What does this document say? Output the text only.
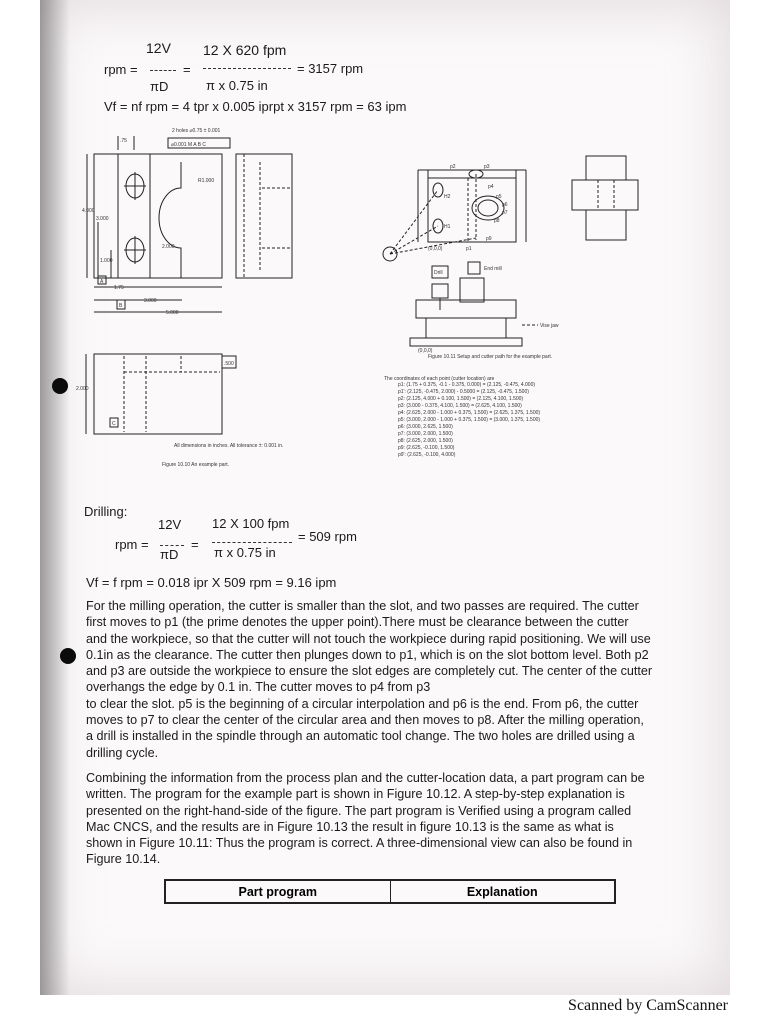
12V 12 X 620 fpm
rpm =	=	= 3157 rpm
πD	π x 0.75 in
Vf = nf rpm = 4 tpr x 0.005 iprpt x 3157 rpm = 63 ipm
.75
2 holes ⌀0.75 ± 0.001
⌀0.001 M A B C
R1.000
2.000
4.000
3.000
1.000
1.75
3.000
5.000
A
B
C
.500
2.000
All dimensions in inches. All tolerance ±: 0.001 in.
Figure 10.10 An example part.
p2	p3
p4
p5
p6
p7
p8
p9
H1
H2
p1
(0,0,0)
(0,0,0)
Drill
End mill
Vise jaw
Figure 10.11 Setup and cutter path for the example part.
The coordinates of each point (cutter location) are
p1: (1.75 + 0.375, -0.1 - 0.375, 0.000) = (2.125, -0.475, 4.000)
p1': (2.125, -0.475, 2.000) - 0.5000 = (2.125, -0.475, 1.500)
p2: (2.125, 4.000 + 0.100, 1.500) = (2.125, 4.100, 1.500)
p3: (3.000 - 0.375, 4.100, 1.500) = (2.625, 4.100, 1.500)
p4: (2.625, 2.000 - 1.000 + 0.375, 1.500) = (2.625, 1.375, 1.500)
p5: (3.000, 2.000 - 1.000 + 0.375, 1.500) = (3.000, 1.375, 1.500)
p6: (3.000, 2.625, 1.500)
p7: (3.000, 2.000, 1.500)
p8: (2.625, 2.000, 1.500)
p9: (2.625, -0.100, 1.500)
p9': (2.625, -0.100, 4.000)
Drilling:
12V 12 X 100 fpm
rpm =	=
= 509 rpm
πD	π x 0.75 in
Vf = f rpm = 0.018 ipr X 509 rpm = 9.16 ipm
For the milling operation, the cutter is smaller than the slot, and two passes are required. The cutter
first moves to p1 (the prime denotes the upper point).There must be clearance between the cutter
and the workpiece, so that the cutter will not touch the workpiece during rapid positioning. We will use
0.1in as the clearance. The cutter then plunges down to p1, which is on the slot bottom level. Both p2
and p3 are outside the workpiece to ensure the slot edges are completely cut. The center of the cutter
overhangs the edge by 0.1 in. The cutter moves to p4 from p3
to clear the slot. p5 is the beginning of a circular interpolation and p6 is the end. From p6, the cutter
moves to p7 to clear the center of the circular area and then moves to p8. After the milling operation,
a drill is installed in the spindle through an automatic tool change. The two holes are drilled using a
drilling cycle.
Combining the information from the process plan and the cutter-location data, a part program can be
written. The program for the example part is shown in Figure 10.12. A step-by-step explanation is
presented on the right-hand-side of the figure. The part program is Verified using a program called
Mac CNCS, and the results are in Figure 10.13 the result in figure 10.13 is the same as what is
shown in Figure 10.11: Thus the program is correct. A three-dimensional view can also be found in
Figure 10.14.
Part program	Explanation
Scanned by CamScanner
